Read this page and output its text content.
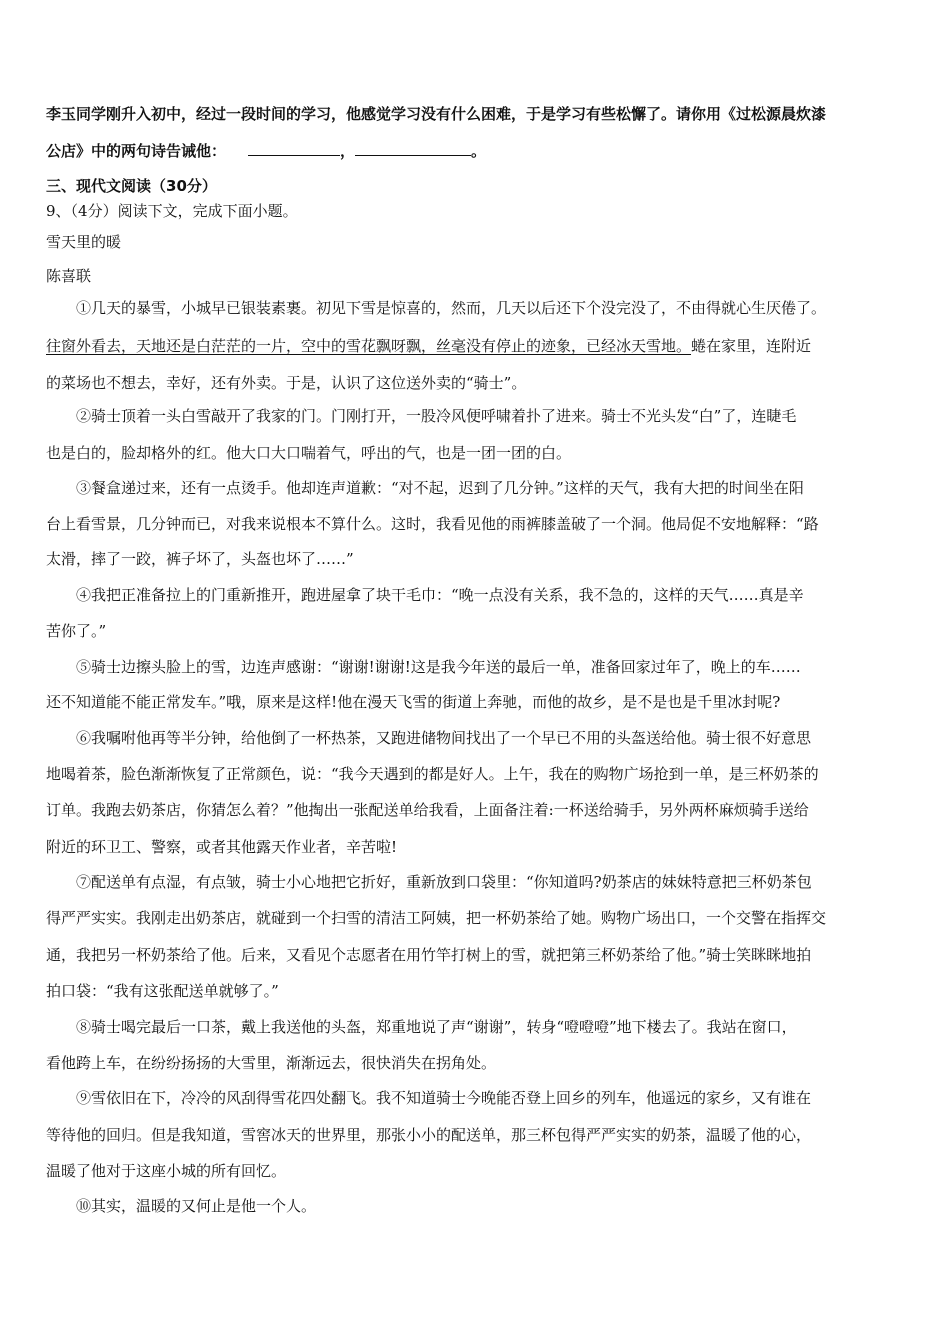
李玉同学刚升入初中，经过一段时间的学习，他感觉学习没有什么困难，于是学习有些松懈了。请你用《过松源晨炊漆
公店》中的两句诗告诫他：	，	。
三、现代文阅读（30分）
9、（4分）阅读下文，完成下面小题。
雪天里的暖
陈喜联
①几天的暴雪，小城早已银装素裹。初见下雪是惊喜的，然而，几天以后还下个没完没了，不由得就心生厌倦了。
往窗外看去，天地还是白茫茫的一片，空中的雪花飘呀飘，丝毫没有停止的迹象，已经冰天雪地。蜷在家里，连附近
的菜场也不想去，幸好，还有外卖。于是，认识了这位送外卖的“骑士”。
②骑士顶着一头白雪敲开了我家的门。门刚打开，一股冷风便呼啸着扑了进来。骑士不光头发“白”了，连睫毛
也是白的，脸却格外的红。他大口大口喘着气，呼出的气，也是一团一团的白。
③餐盒递过来，还有一点烫手。他却连声道歉：“对不起，迟到了几分钟。”这样的天气，我有大把的时间坐在阳
台上看雪景，几分钟而已，对我来说根本不算什么。这时，我看见他的雨裤膝盖破了一个洞。他局促不安地解释：“路
太滑，摔了一跤，裤子坏了，头盔也坏了……”
④我把正准备拉上的门重新推开，跑进屋拿了块干毛巾：“晚一点没有关系，我不急的，这样的天气……真是辛
苦你了。”
⑤骑士边擦头脸上的雪，边连声感谢：“谢谢!谢谢!这是我今年送的最后一单，准备回家过年了，晚上的车……
还不知道能不能正常发车。”哦，原来是这样!他在漫天飞雪的街道上奔驰，而他的故乡，是不是也是千里冰封呢?
⑥我嘱咐他再等半分钟，给他倒了一杯热茶，又跑进储物间找出了一个早已不用的头盔送给他。骑士很不好意思
地喝着茶，脸色渐渐恢复了正常颜色，说：“我今天遇到的都是好人。上午，我在的购物广场抢到一单，是三杯奶茶的
订单。我跑去奶茶店，你猜怎么着？”他掏出一张配送单给我看，上面备注着:一杯送给骑手，另外两杯麻烦骑手送给
附近的环卫工、警察，或者其他露天作业者，辛苦啦!
⑦配送单有点湿，有点皱，骑士小心地把它折好，重新放到口袋里：“你知道吗?奶茶店的妹妹特意把三杯奶茶包
得严严实实。我刚走出奶茶店，就碰到一个扫雪的清洁工阿姨，把一杯奶茶给了她。购物广场出口，一个交警在指挥交
通，我把另一杯奶茶给了他。后来，又看见个志愿者在用竹竿打树上的雪，就把第三杯奶茶给了他。”骑士笑眯眯地拍
拍口袋：“我有这张配送单就够了。”
⑧骑士喝完最后一口茶，戴上我送他的头盔，郑重地说了声“谢谢”，转身“噔噔噔”地下楼去了。我站在窗口，
看他跨上车，在纷纷扬扬的大雪里，渐渐远去，很快消失在拐角处。
⑨雪依旧在下，冷冷的风刮得雪花四处翻飞。我不知道骑士今晚能否登上回乡的列车，他遥远的家乡，又有谁在
等待他的回归。但是我知道，雪窖冰天的世界里，那张小小的配送单，那三杯包得严严实实的奶茶，温暖了他的心，
温暖了他对于这座小城的所有回忆。
⑩其实，温暖的又何止是他一个人。
